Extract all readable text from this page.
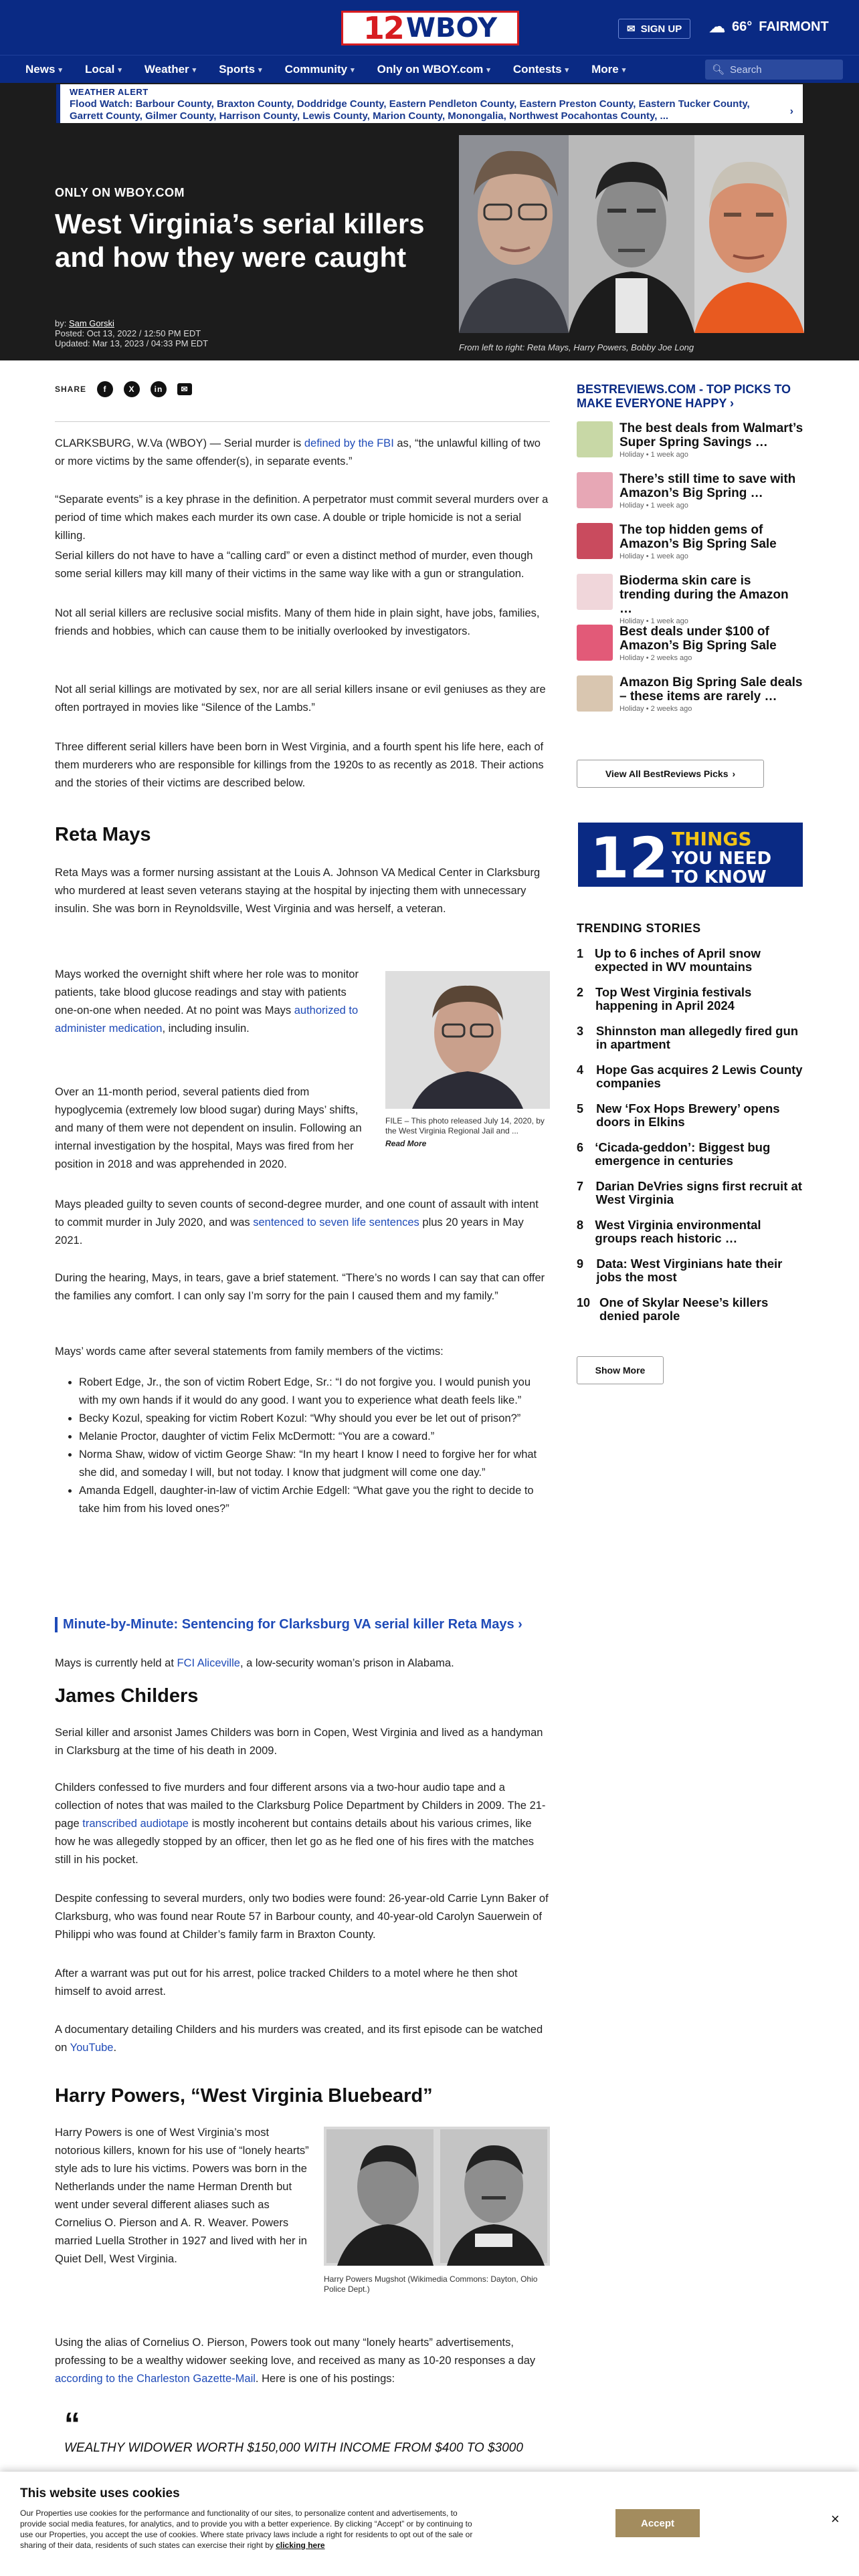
12 WBOY	✉ SIGN UP ☁ 66° FAIRMONT
News ▾ Local ▾ Weather ▾ Sports ▾ Community ▾ Only on WBOY.com ▾ Contests ▾ More ▾	🔍︎ Search
WEATHER ALERT
Flood Watch: Barbour County, Braxton County, Doddridge County, Eastern Pendleton County, Eastern Preston County, Eastern Tucker County, Garrett County, Gilmer County, Harrison County, Lewis County, Marion County, Monongalia, Northwest Pocahontas County, ...	›
ONLY ON WBOY.COM
West Virginia’s serial killers and how they were caught
by: Sam Gorski
Posted: Oct 13, 2022 / 12:50 PM EDT
Updated: Mar 13, 2023 / 04:33 PM EDT	From left to right: Reta Mays, Harry Powers, Bobby Joe Long
SHARE	f	X	in	✉
CLARKSBURG, W.Va (WBOY) — Serial murder is defined by the FBI as, “the unlawful killing of two or more victims by the same offender(s), in separate events.”
“Separate events” is a key phrase in the definition. A perpetrator must commit several murders over a period of time which makes each murder its own case. A double or triple homicide is not a serial killing.
Serial killers do not have to have a “calling card” or even a distinct method of murder, even though some serial killers may kill many of their victims in the same way like with a gun or strangulation.
Not all serial killers are reclusive social misfits. Many of them hide in plain sight, have jobs, families, friends and hobbies, which can cause them to be initially overlooked by investigators.
Not all serial killings are motivated by sex, nor are all serial killers insane or evil geniuses as they are often portrayed in movies like “Silence of the Lambs.”
Three different serial killers have been born in West Virginia, and a fourth spent his life here, each of them murderers who are responsible for killings from the 1920s to as recently as 2018. Their actions and the stories of their victims are described below.
Reta Mays
Reta Mays was a former nursing assistant at the Louis A. Johnson VA Medical Center in Clarksburg who murdered at least seven veterans staying at the hospital by injecting them with unnecessary insulin. She was born in Reynoldsville, West Virginia and was herself, a veteran.
Mays worked the overnight shift where her role was to monitor patients, take blood glucose readings and stay with patients one-on-one when needed. At no point was Mays authorized to administer medication, including insulin.
FILE – This photo released July 14, 2020, by the West Virginia Regional Jail and ...
Read More
Over an 11-month period, several patients died from hypoglycemia (extremely low blood sugar) during Mays’ shifts, and many of them were not dependent on insulin. Following an internal investigation by the hospital, Mays was fired from her position in 2018 and was apprehended in 2020.
Mays pleaded guilty to seven counts of second-degree murder, and one count of assault with intent to commit murder in July 2020, and was sentenced to seven life sentences plus 20 years in May 2021.
During the hearing, Mays, in tears, gave a brief statement. “There’s no words I can say that can offer the families any comfort. I can only say I’m sorry for the pain I caused them and my family.”
Mays’ words came after several statements from family members of the victims:
• Robert Edge, Jr., the son of victim Robert Edge, Sr.: “I do not forgive you. I would punish you with my own hands if it would do any good. I want you to experience what death feels like.”
• Becky Kozul, speaking for victim Robert Kozul: “Why should you ever be let out of prison?”
• Melanie Proctor, daughter of victim Felix McDermott: “You are a coward.”
• Norma Shaw, widow of victim George Shaw: “In my heart I know I need to forgive her for what she did, and someday I will, but not today. I know that judgment will come one day.”
• Amanda Edgell, daughter-in-law of victim Archie Edgell: “What gave you the right to decide to take him from his loved ones?”
Minute-by-Minute: Sentencing for Clarksburg VA serial killer Reta Mays ›
Mays is currently held at FCI Aliceville, a low-security woman’s prison in Alabama.
James Childers
Serial killer and arsonist James Childers was born in Copen, West Virginia and lived as a handyman in Clarksburg at the time of his death in 2009.
Childers confessed to five murders and four different arsons via a two-hour audio tape and a collection of notes that was mailed to the Clarksburg Police Department by Childers in 2009. The 21-page transcribed audiotape is mostly incoherent but contains details about his various crimes, like how he was allegedly stopped by an officer, then let go as he fled one of his fires with the matches still in his pocket.
Despite confessing to several murders, only two bodies were found: 26-year-old Carrie Lynn Baker of Clarksburg, who was found near Route 57 in Barbour county, and 40-year-old Carolyn Sauerwein of Philippi who was found at Childer’s family farm in Braxton County.
After a warrant was put out for his arrest, police tracked Childers to a motel where he then shot himself to avoid arrest.
A documentary detailing Childers and his murders was created, and its first episode can be watched on YouTube.
Harry Powers, “West Virginia Bluebeard”
Harry Powers is one of West Virginia’s most notorious killers, known for his use of “lonely hearts” style ads to lure his victims. Powers was born in the Netherlands under the name Herman Drenth but went under several different aliases such as Cornelius O. Pierson and A. R. Weaver. Powers married Luella Strother in 1927 and lived with her in Quiet Dell, West Virginia.
Harry Powers Mugshot (Wikimedia Commons: Dayton, Ohio Police Dept.)
Using the alias of Cornelius O. Pierson, Powers took out many “lonely hearts” advertisements, professing to be a wealthy widower seeking love, and received as many as 10-20 responses a day according to the Charleston Gazette-Mail. Here is one of his postings:
“
WEALTHY WIDOWER WORTH $150,000 WITH INCOME FROM $400 TO $3000
BESTREVIEWS.COM - TOP PICKS TO MAKE EVERYONE HAPPY ›
The best deals from Walmart’s Super Spring Savings …
Holiday • 1 week ago
There’s still time to save with Amazon’s Big Spring …
Holiday • 1 week ago
The top hidden gems of Amazon’s Big Spring Sale
Holiday • 1 week ago
Bioderma skin care is trending during the Amazon …
Holiday • 1 week ago
Best deals under $100 of Amazon’s Big Spring Sale
Holiday • 2 weeks ago
Amazon Big Spring Sale deals – these items are rarely …
Holiday • 2 weeks ago
View All BestReviews Picks ›
12 THINGS
YOU NEED
TO KNOW
TRENDING STORIES
1 Up to 6 inches of April snow expected in WV mountains
2 Top West Virginia festivals happening in April 2024
3 Shinnston man allegedly fired gun in apartment
4 Hope Gas acquires 2 Lewis County companies
5 New ‘Fox Hops Brewery’ opens doors in Elkins
6 ‘Cicada-geddon’: Biggest bug emergence in centuries
7 Darian DeVries signs first recruit at West Virginia
8 West Virginia environmental groups reach historic …
9 Data: West Virginians hate their jobs the most
10 One of Skylar Neese’s killers denied parole
Show More
This website uses cookies
Our Properties use cookies for the performance and functionality of our sites, to personalize content and advertisements, to provide social media features, for analytics, and to provide you with a better experience. By clicking “Accept” or by continuing to use our Properties, you accept the use of cookies. Where state privacy laws include a right for residents to opt out of the sale or sharing of their data, residents of such states can exercise their right by clicking here
Accept	×
